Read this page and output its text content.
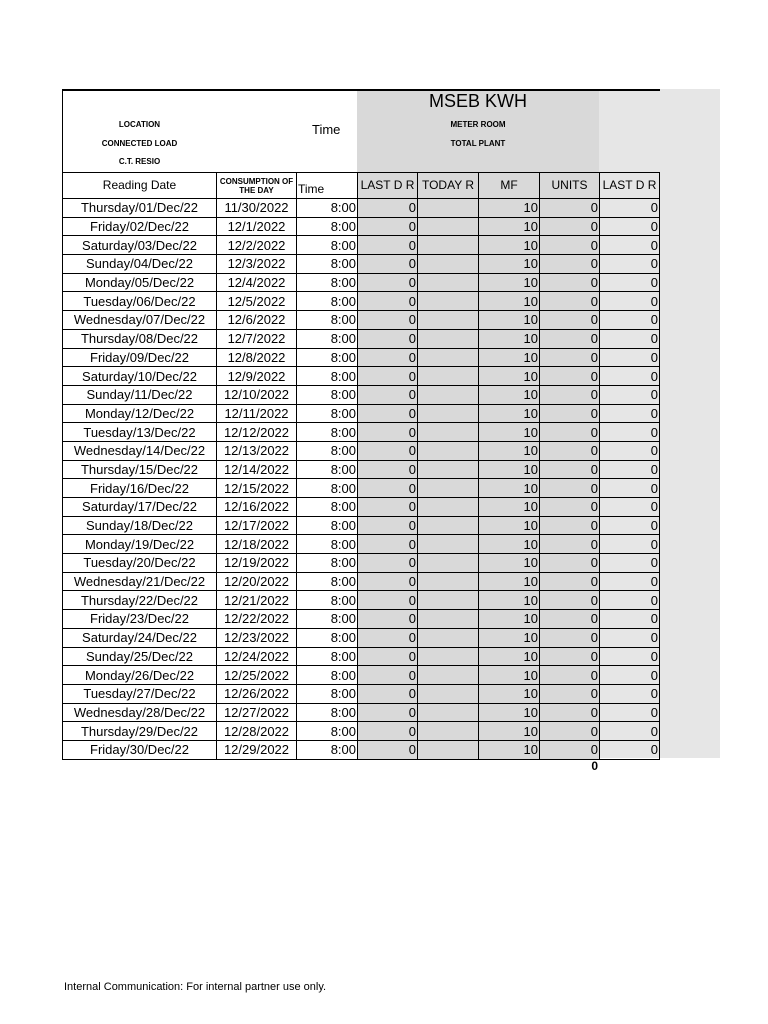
MSEB KWH
LOCATION
CONNECTED LOAD
C.T. RESIO
Time	METER ROOM
TOTAL PLANT
Reading Date	CONSUMPTION OF THE DAY	Time	LAST D R	TODAY R	MF	UNITS	LAST D R
Thursday/01/Dec/22	11/30/2022	8:00	0		10	0	0
Friday/02/Dec/22	12/1/2022	8:00	0		10	0	0
Saturday/03/Dec/22	12/2/2022	8:00	0		10	0	0
Sunday/04/Dec/22	12/3/2022	8:00	0		10	0	0
Monday/05/Dec/22	12/4/2022	8:00	0		10	0	0
Tuesday/06/Dec/22	12/5/2022	8:00	0		10	0	0
Wednesday/07/Dec/22	12/6/2022	8:00	0		10	0	0
Thursday/08/Dec/22	12/7/2022	8:00	0		10	0	0
Friday/09/Dec/22	12/8/2022	8:00	0		10	0	0
Saturday/10/Dec/22	12/9/2022	8:00	0		10	0	0
Sunday/11/Dec/22	12/10/2022	8:00	0		10	0	0
Monday/12/Dec/22	12/11/2022	8:00	0		10	0	0
Tuesday/13/Dec/22	12/12/2022	8:00	0		10	0	0
Wednesday/14/Dec/22	12/13/2022	8:00	0		10	0	0
Thursday/15/Dec/22	12/14/2022	8:00	0		10	0	0
Friday/16/Dec/22	12/15/2022	8:00	0		10	0	0
Saturday/17/Dec/22	12/16/2022	8:00	0		10	0	0
Sunday/18/Dec/22	12/17/2022	8:00	0		10	0	0
Monday/19/Dec/22	12/18/2022	8:00	0		10	0	0
Tuesday/20/Dec/22	12/19/2022	8:00	0		10	0	0
Wednesday/21/Dec/22	12/20/2022	8:00	0		10	0	0
Thursday/22/Dec/22	12/21/2022	8:00	0		10	0	0
Friday/23/Dec/22	12/22/2022	8:00	0		10	0	0
Saturday/24/Dec/22	12/23/2022	8:00	0		10	0	0
Sunday/25/Dec/22	12/24/2022	8:00	0		10	0	0
Monday/26/Dec/22	12/25/2022	8:00	0		10	0	0
Tuesday/27/Dec/22	12/26/2022	8:00	0		10	0	0
Wednesday/28/Dec/22	12/27/2022	8:00	0		10	0	0
Thursday/29/Dec/22	12/28/2022	8:00	0		10	0	0
Friday/30/Dec/22	12/29/2022	8:00	0		10	0	0
0
Internal Communication: For internal partner use only.
